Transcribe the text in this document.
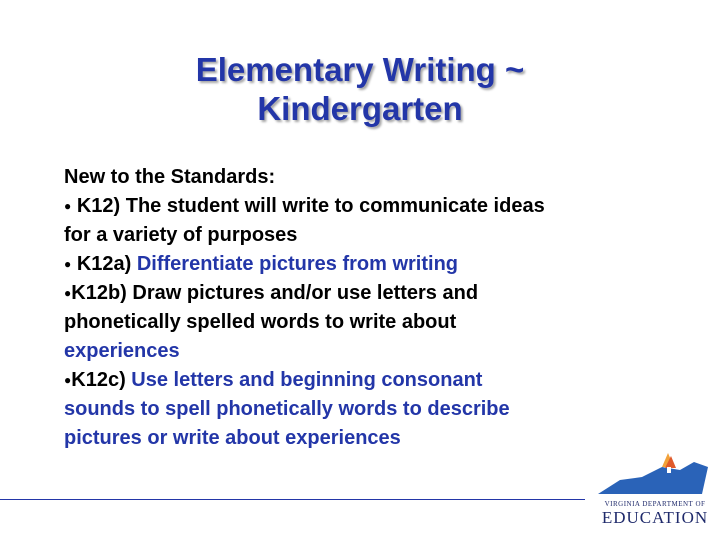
Elementary Writing ~
Kindergarten
New to the Standards:
● K12) The student will write to communicate ideas
for a variety of purposes
● K12a) Differentiate pictures from writing
●K12b) Draw pictures and/or use letters and
phonetically spelled words to write about
experiences
●K12c) Use letters and beginning consonant
sounds to spell phonetically words to describe
pictures or write about experiences
VIRGINIA DEPARTMENT OF
EDUCATION
